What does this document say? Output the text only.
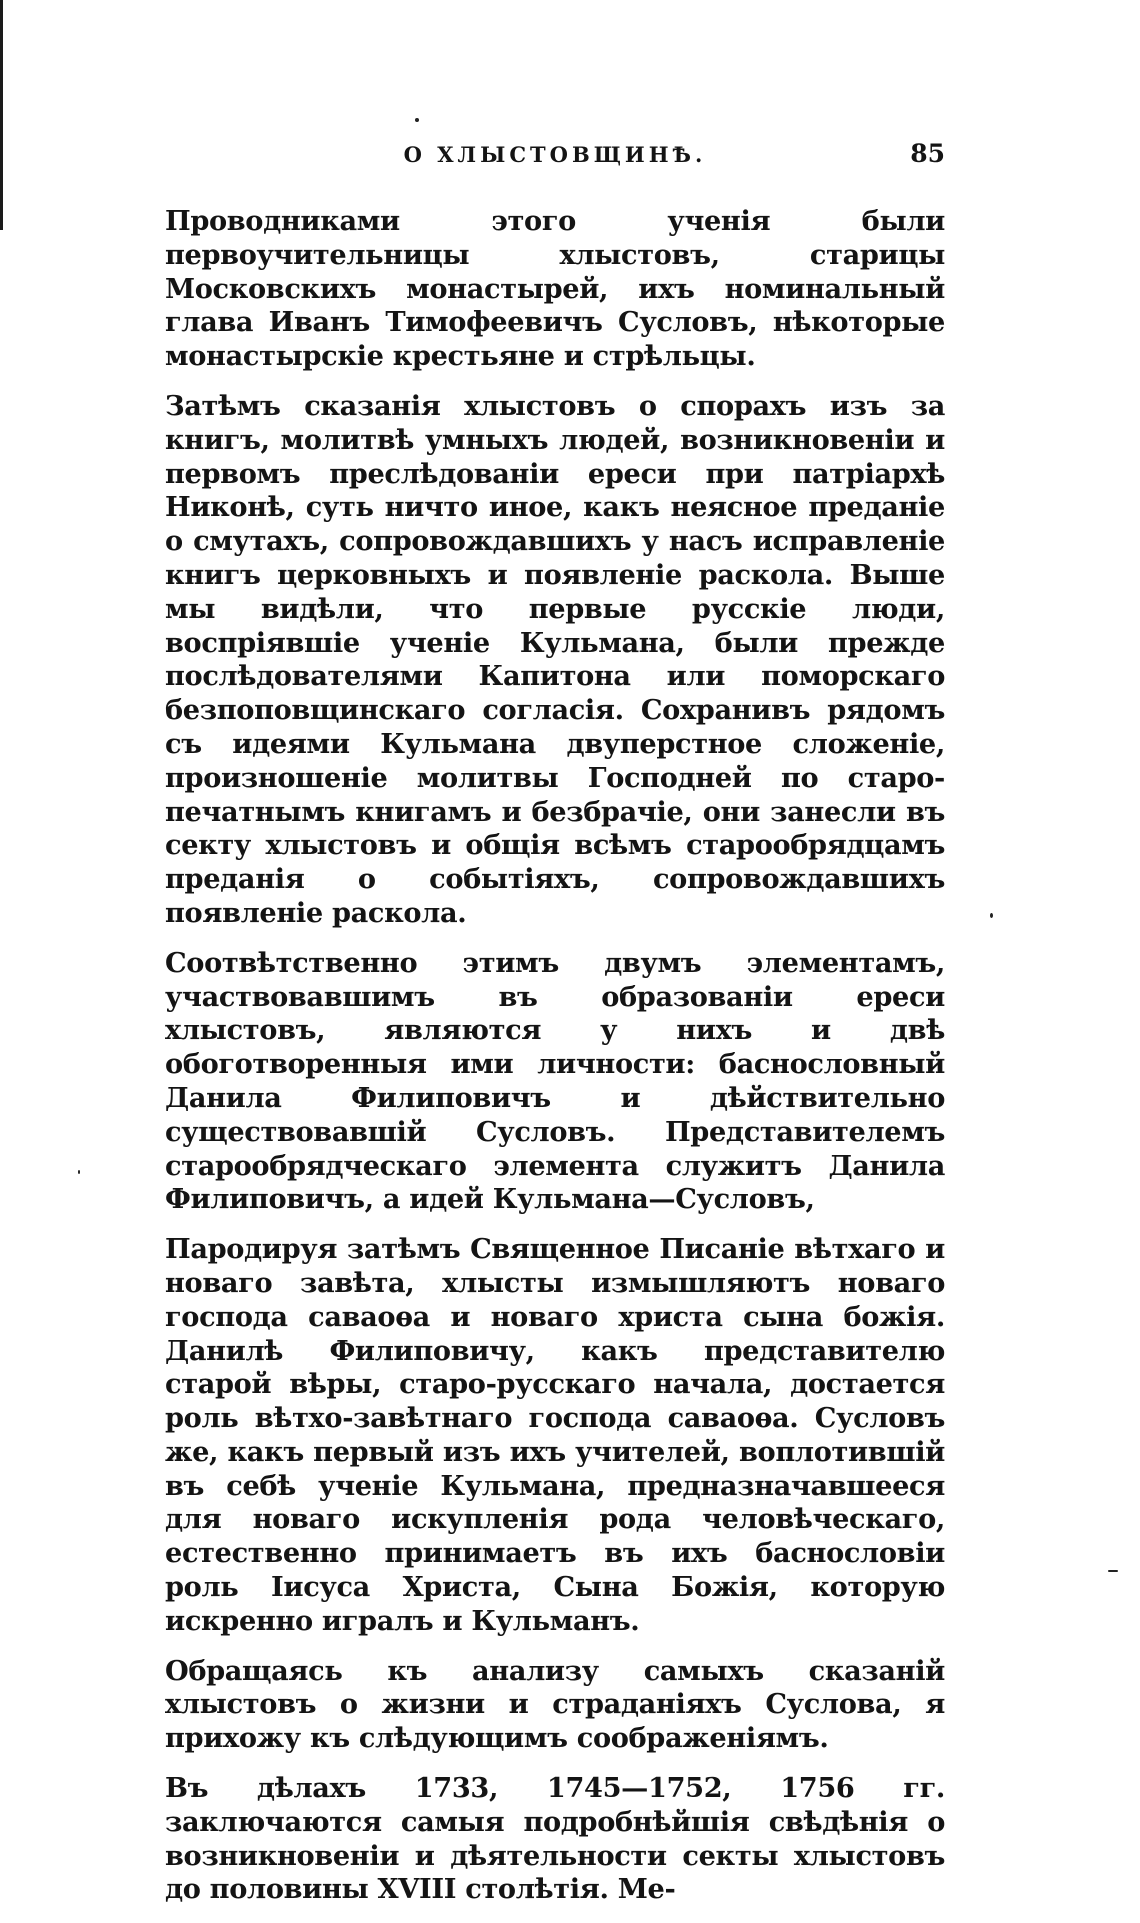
О ХЛЫСТОВЩИНѢ.	85

Проводниками этого ученія были первоучительницы хлыстовъ, старицы Московскихъ монастырей, ихъ номинальный глава Иванъ Тимофеевичъ Сусловъ, нѣкоторые монастырскіе крестьяне и стрѣльцы.

Затѣмъ сказанія хлыстовъ о спорахъ изъ за книгъ, молитвѣ умныхъ людей, возникновеніи и первомъ преслѣдованіи ереси при патріархѣ Никонѣ, суть ничто иное, какъ неясное преданіе о смутахъ, сопровождавшихъ у насъ исправленіе книгъ церковныхъ и появленіе раскола. Выше мы видѣли, что первые русскіе люди, воспріявшіе ученіе Кульмана, были прежде послѣдователями Капитона или поморскаго безпоповщинскаго согласія. Сохранивъ рядомъ съ идеями Кульмана двуперстное сложеніе, произношеніе молитвы Господней по старо-печатнымъ книгамъ и безбрачіе, они занесли въ секту хлыстовъ и общія всѣмъ старообрядцамъ преданія о событіяхъ, сопровождавшихъ появленіе раскола.

Соотвѣтственно этимъ двумъ элементамъ, участвовавшимъ въ образованіи ереси хлыстовъ, являются у нихъ и двѣ обоготворенныя ими личности: баснословный Данила Филиповичъ и дѣйствительно существовавшій Сусловъ. Представителемъ старообрядческаго элемента служитъ Данила Филиповичъ, а идей Кульмана—Сусловъ,

Пародируя затѣмъ Священное Писаніе вѣтхаго и новаго завѣта, хлысты измышляютъ новаго господа саваоѳа и новаго христа сына божія. Данилѣ Филиповичу, какъ представителю старой вѣры, старо-русскаго начала, достается роль вѣтхо-завѣтнаго господа саваоѳа. Сусловъ же, какъ первый изъ ихъ учителей, воплотившій въ себѣ ученіе Кульмана, предназначавшееся для новаго искупленія рода человѣческаго, естественно принимаетъ въ ихъ баснословіи роль Іисуса Христа, Сына Божія, которую искренно игралъ и Кульманъ.

Обращаясь къ анализу самыхъ сказаній хлыстовъ о жизни и страданіяхъ Суслова, я прихожу къ слѣдующимъ соображеніямъ.

Въ дѣлахъ 1733, 1745—1752, 1756 гг. заключаются самыя подробнѣйшія свѣдѣнія о возникновеніи и дѣятельности секты хлыстовъ до половины XVIII столѣтія. Ме-
